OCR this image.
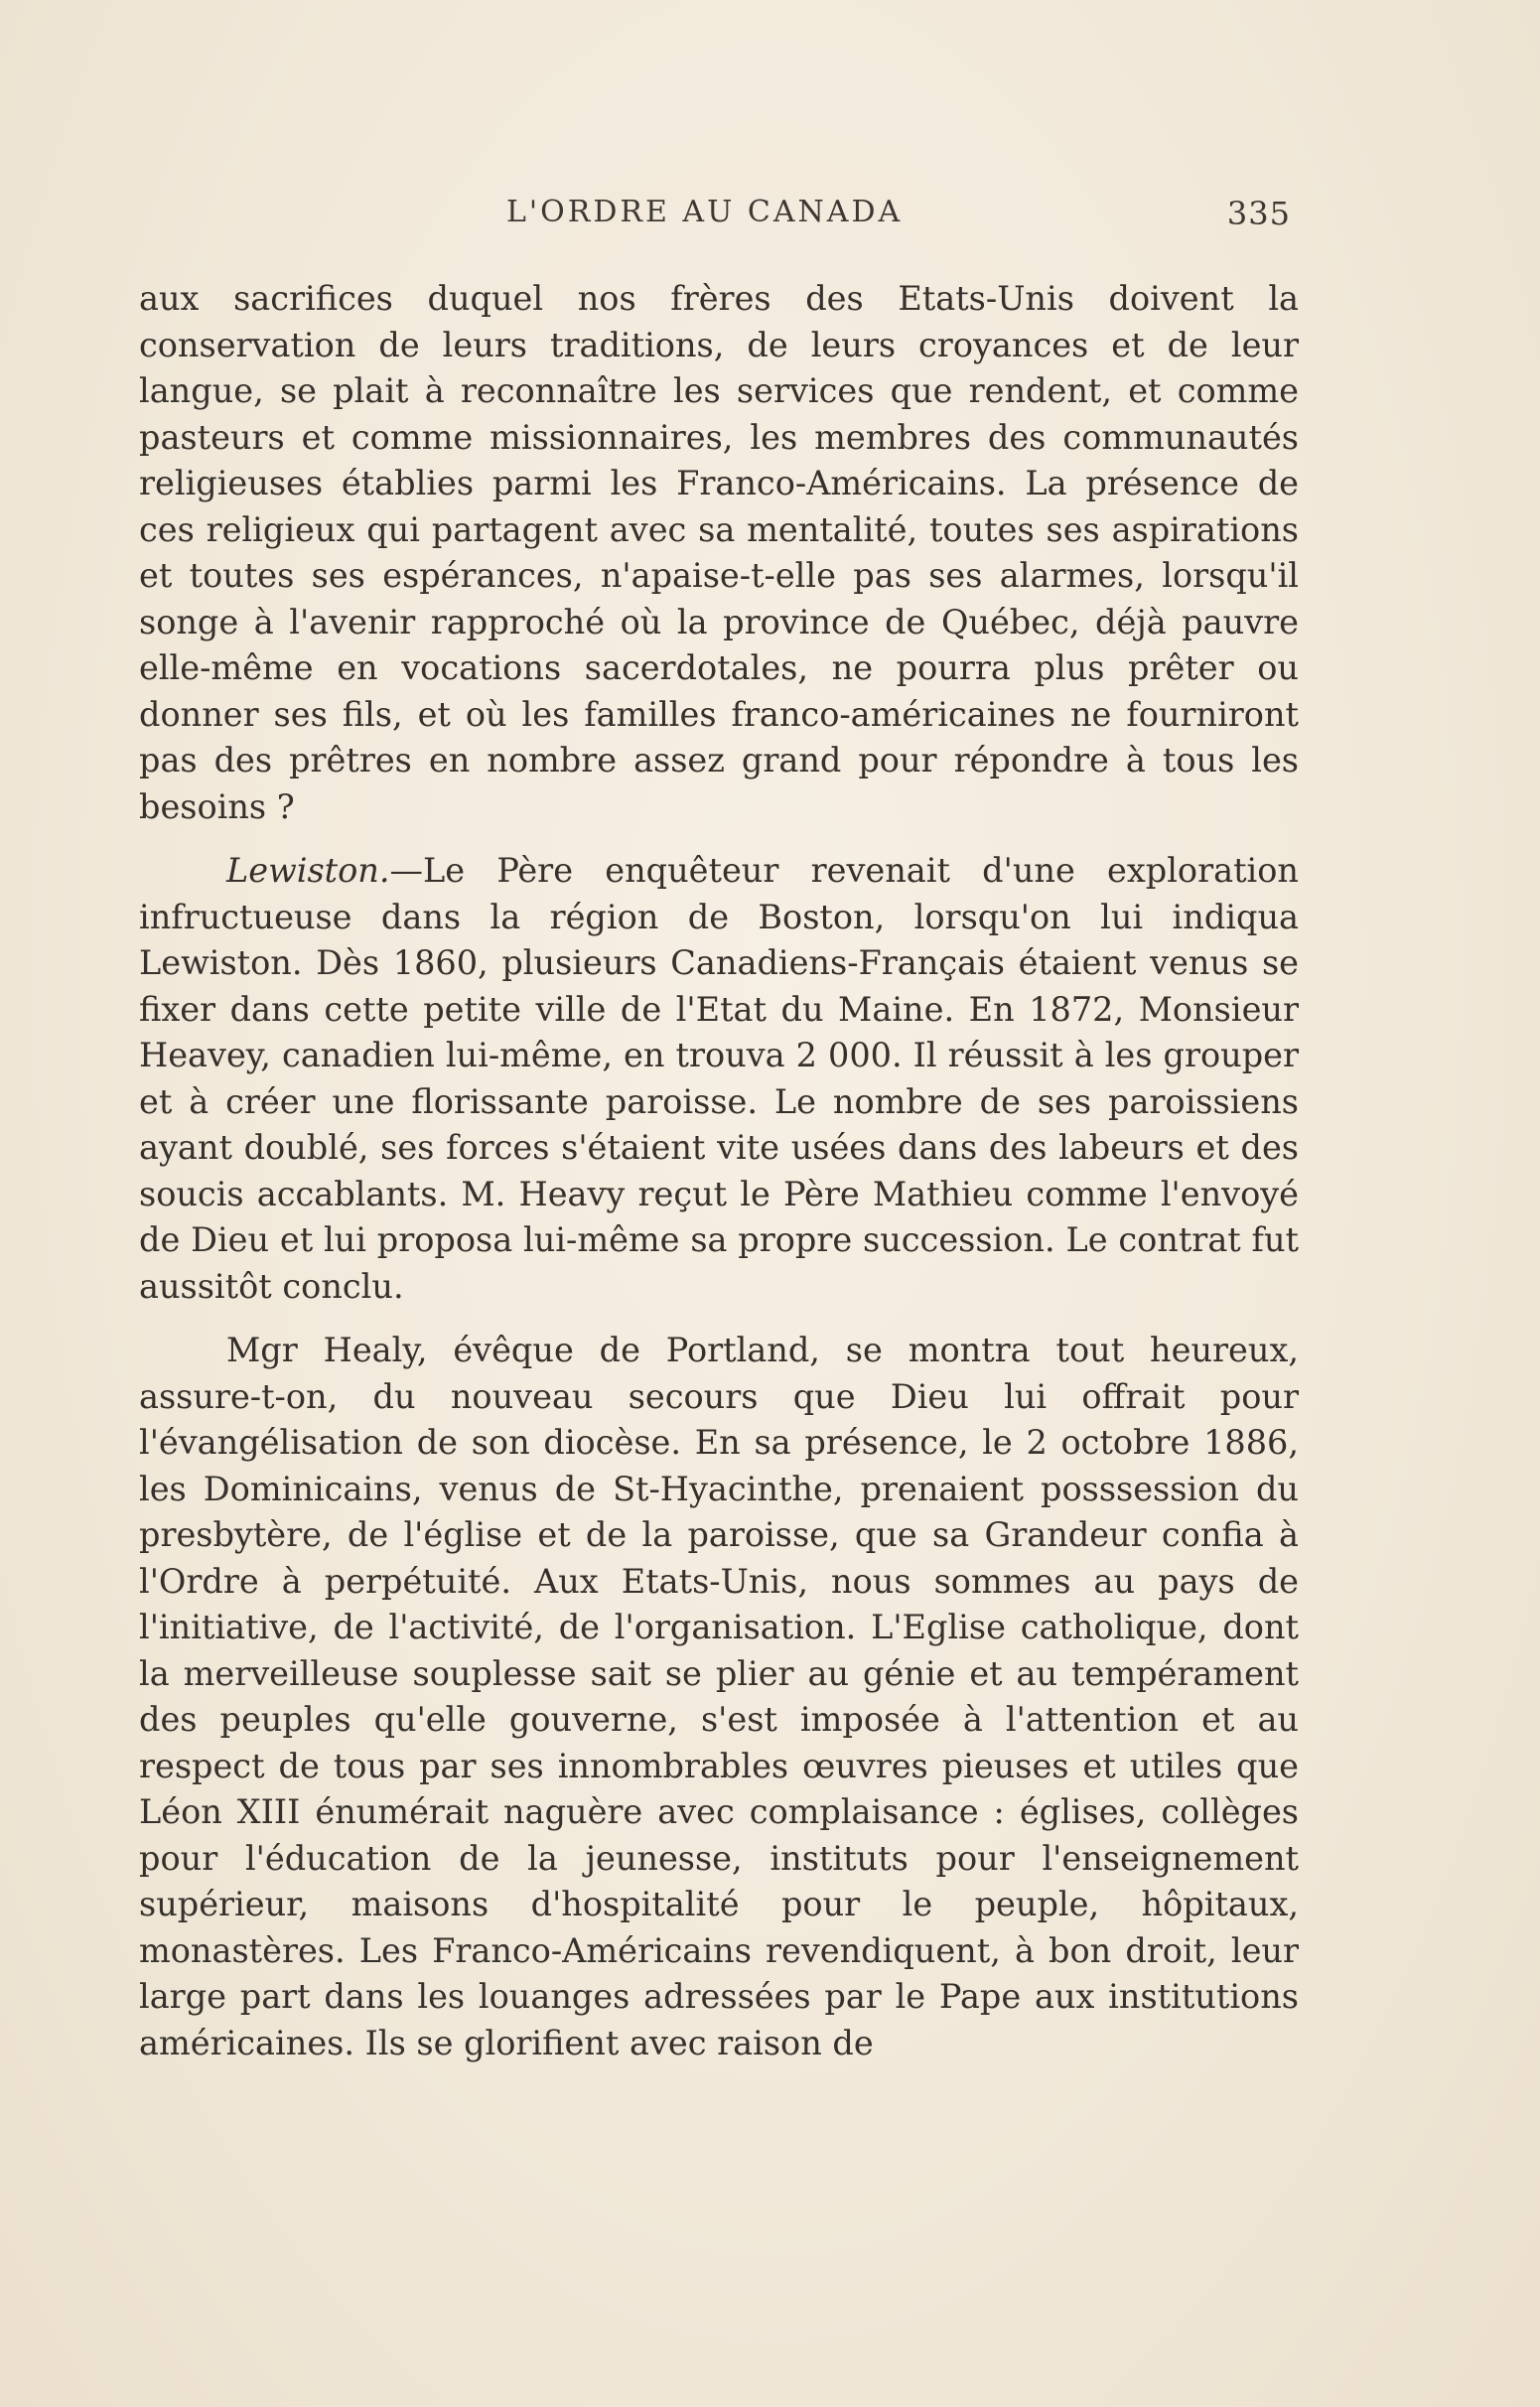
L'ORDRE AU CANADA	335

aux sacrifices duquel nos frères des Etats-Unis doivent la conservation de leurs traditions, de leurs croyances et de leur langue, se plait à reconnaître les services que rendent, et comme pasteurs et comme missionnaires, les membres des communautés religieuses établies parmi les Franco-Américains. La présence de ces religieux qui partagent avec sa mentalité, toutes ses aspirations et toutes ses espérances, n'apaise-t-elle pas ses alarmes, lorsqu'il songe à l'avenir rapproché où la province de Québec, déjà pauvre elle-même en vocations sacerdotales, ne pourra plus prêter ou donner ses fils, et où les familles franco-américaines ne fourniront pas des prêtres en nombre assez grand pour répondre à tous les besoins ?

Lewiston.—Le Père enquêteur revenait d'une exploration infructueuse dans la région de Boston, lorsqu'on lui indiqua Lewiston. Dès 1860, plusieurs Canadiens-Français étaient venus se fixer dans cette petite ville de l'Etat du Maine. En 1872, Monsieur Heavey, canadien lui-même, en trouva 2 000. Il réussit à les grouper et à créer une florissante paroisse. Le nombre de ses paroissiens ayant doublé, ses forces s'étaient vite usées dans des labeurs et des soucis accablants. M. Heavy reçut le Père Mathieu comme l'envoyé de Dieu et lui proposa lui-même sa propre succession. Le contrat fut aussitôt conclu.

Mgr Healy, évêque de Portland, se montra tout heureux, assure-t-on, du nouveau secours que Dieu lui offrait pour l'évangélisation de son diocèse. En sa présence, le 2 octobre 1886, les Dominicains, venus de St-Hyacinthe, prenaient posssession du presbytère, de l'église et de la paroisse, que sa Grandeur confia à l'Ordre à perpétuité. Aux Etats-Unis, nous sommes au pays de l'initiative, de l'activité, de l'organisation. L'Eglise catholique, dont la merveilleuse souplesse sait se plier au génie et au tempérament des peuples qu'elle gouverne, s'est imposée à l'attention et au respect de tous par ses innombrables œuvres pieuses et utiles que Léon XIII énumérait naguère avec complaisance : églises, collèges pour l'éducation de la jeunesse, instituts pour l'enseignement supérieur, maisons d'hospitalité pour le peuple, hôpitaux, monastères. Les Franco-Américains revendiquent, à bon droit, leur large part dans les louanges adressées par le Pape aux institutions américaines. Ils se glorifient avec raison de
